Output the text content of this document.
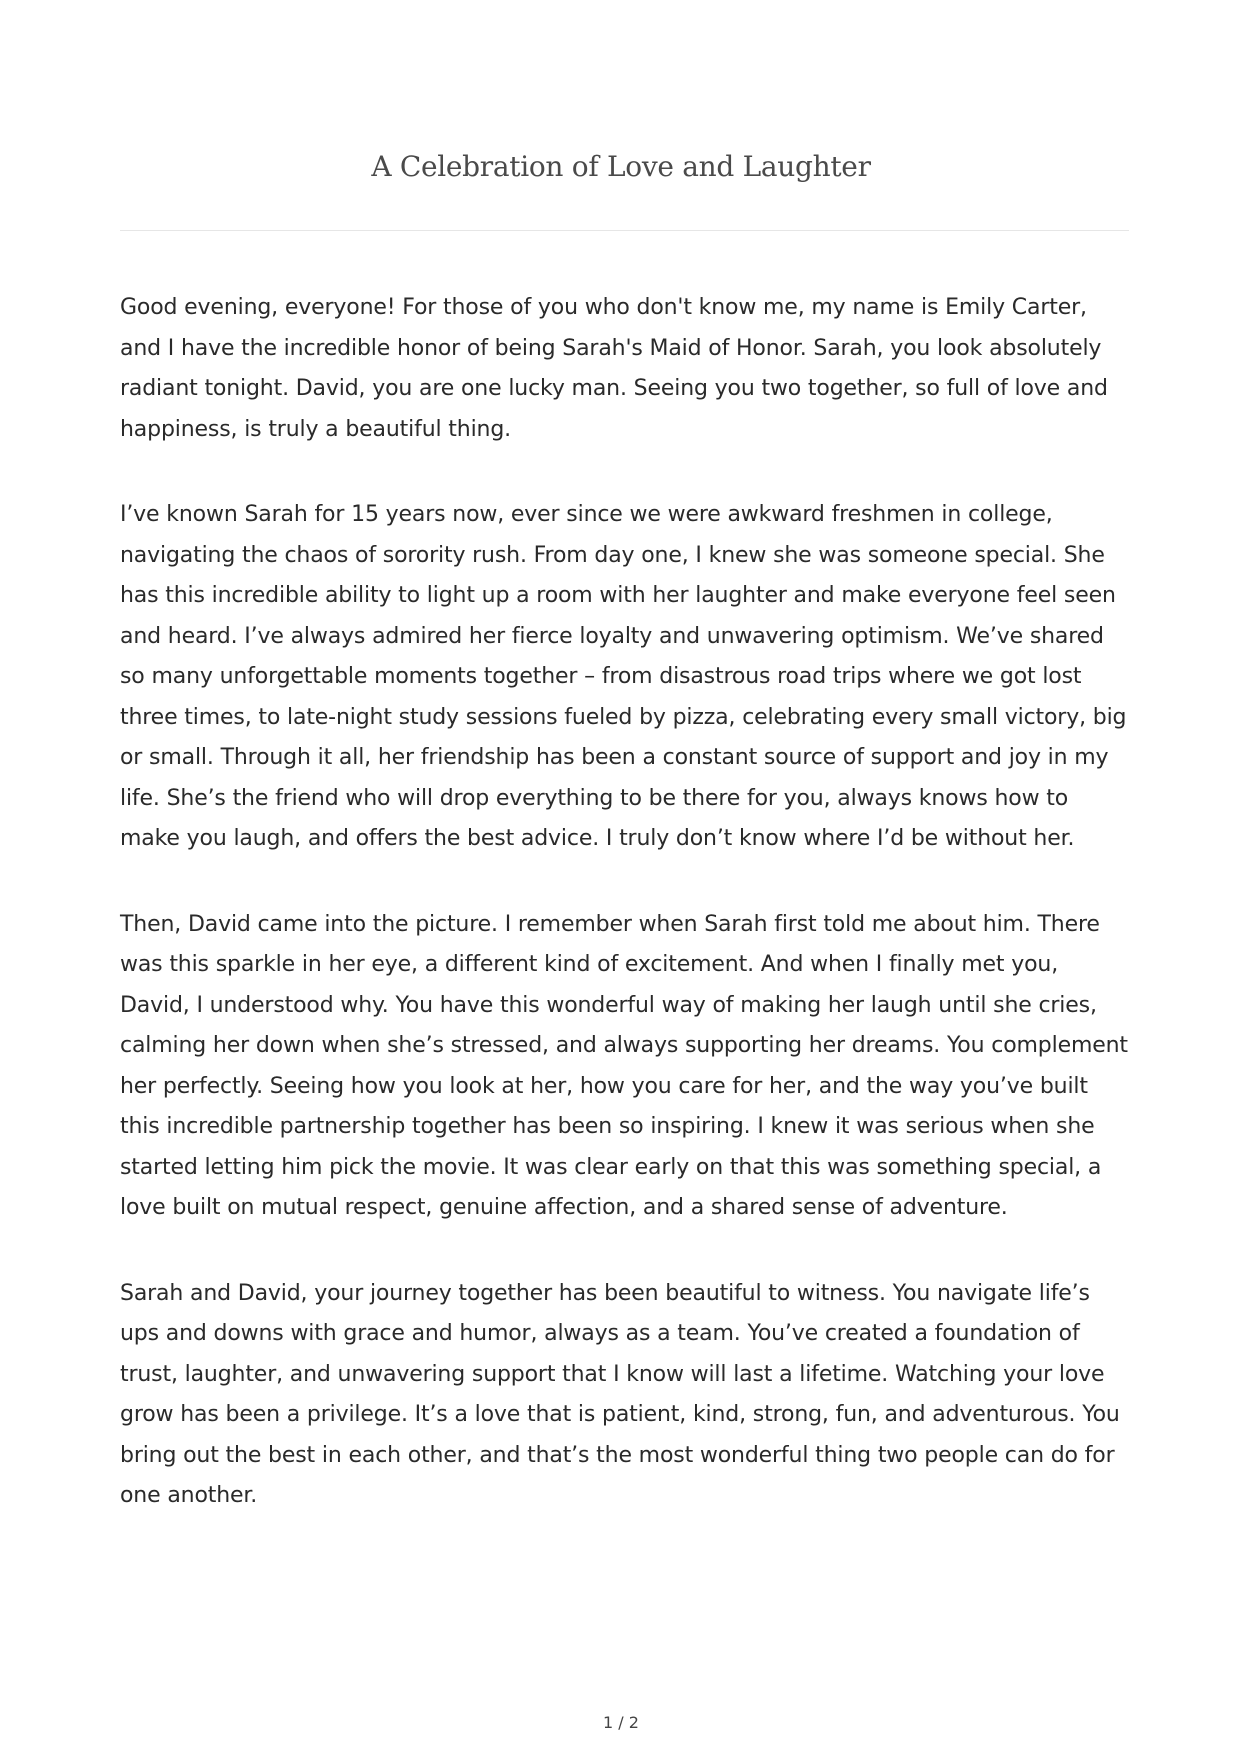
A Celebration of Love and Laughter

Good evening, everyone! For those of you who don't know me, my name is Emily Carter, and I have the incredible honor of being Sarah's Maid of Honor. Sarah, you look absolutely radiant tonight. David, you are one lucky man. Seeing you two together, so full of love and happiness, is truly a beautiful thing.

I’ve known Sarah for 15 years now, ever since we were awkward freshmen in college, navigating the chaos of sorority rush. From day one, I knew she was someone special. She has this incredible ability to light up a room with her laughter and make everyone feel seen and heard. I’ve always admired her fierce loyalty and unwavering optimism. We’ve shared so many unforgettable moments together – from disastrous road trips where we got lost three times, to late-night study sessions fueled by pizza, celebrating every small victory, big or small. Through it all, her friendship has been a constant source of support and joy in my life. She’s the friend who will drop everything to be there for you, always knows how to make you laugh, and offers the best advice. I truly don’t know where I’d be without her.

Then, David came into the picture. I remember when Sarah first told me about him. There was this sparkle in her eye, a different kind of excitement. And when I finally met you, David, I understood why. You have this wonderful way of making her laugh until she cries, calming her down when she’s stressed, and always supporting her dreams. You complement her perfectly. Seeing how you look at her, how you care for her, and the way you’ve built this incredible partnership together has been so inspiring. I knew it was serious when she started letting him pick the movie. It was clear early on that this was something special, a love built on mutual respect, genuine affection, and a shared sense of adventure.

Sarah and David, your journey together has been beautiful to witness. You navigate life’s ups and downs with grace and humor, always as a team. You’ve created a foundation of trust, laughter, and unwavering support that I know will last a lifetime. Watching your love grow has been a privilege. It’s a love that is patient, kind, strong, fun, and adventurous. You bring out the best in each other, and that’s the most wonderful thing two people can do for one another.

1 / 2
